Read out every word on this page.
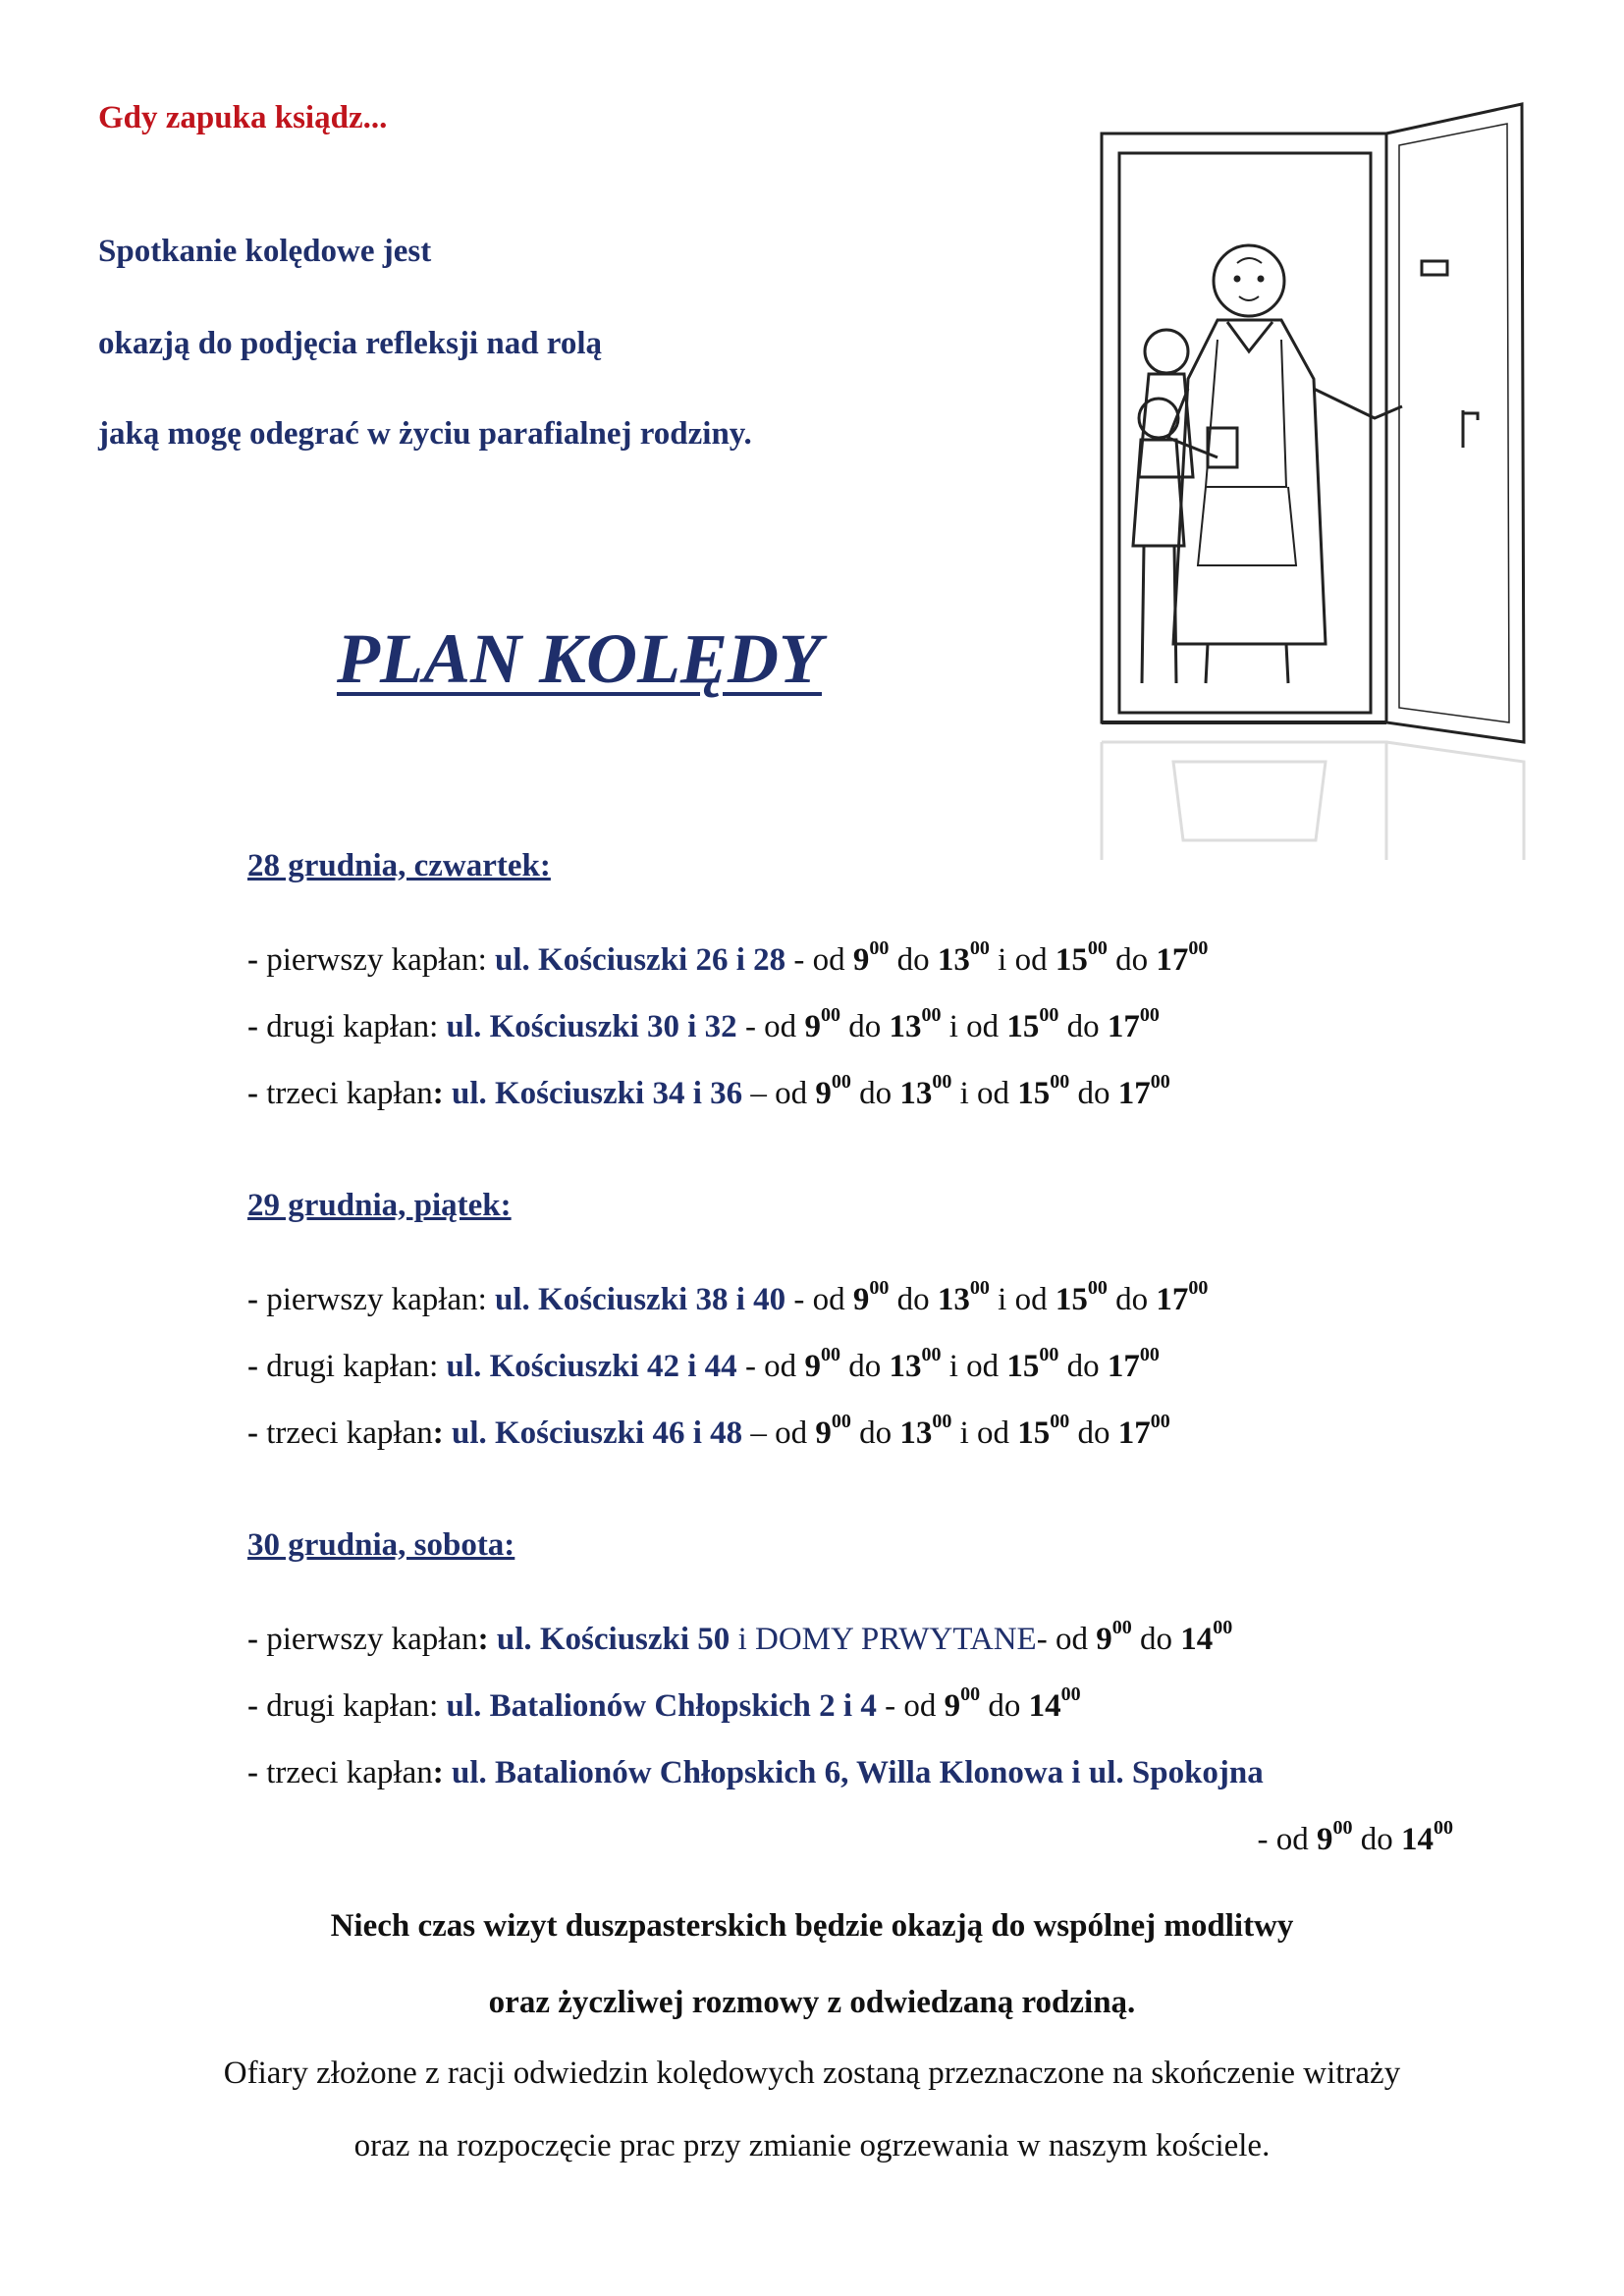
Gdy zapuka ksiądz...
Spotkanie kolędowe jest
okazją do podjęcia refleksji nad rolą
jaką mogę odegrać w życiu parafialnej rodziny.
PLAN KOLĘDY
28 grudnia, czwartek:
- pierwszy kapłan: ul. Kościuszki 26 i 28 - od $9^{00}$ do $13^{00}$ i od $15^{00}$ do $17^{00}$
- drugi kapłan: ul. Kościuszki 30 i 32 - od $9^{00}$ do $13^{00}$ i od $15^{00}$ do $17^{00}$
- trzeci kapłan: ul. Kościuszki 34 i 36 – od $9^{00}$ do $13^{00}$ i od $15^{00}$ do $17^{00}$
29 grudnia, piątek:
- pierwszy kapłan: ul. Kościuszki 38 i 40 - od $9^{00}$ do $13^{00}$ i od $15^{00}$ do $17^{00}$
- drugi kapłan: ul. Kościuszki 42 i 44 - od $9^{00}$ do $13^{00}$ i od $15^{00}$ do $17^{00}$
- trzeci kapłan: ul. Kościuszki 46 i 48 – od $9^{00}$ do $13^{00}$ i od $15^{00}$ do $17^{00}$
30 grudnia, sobota:
- pierwszy kapłan: ul. Kościuszki 50 i DOMY PRWYTANE- od $9^{00}$ do $14^{00}$
- drugi kapłan: ul. Batalionów Chłopskich 2 i 4 - od $9^{00}$ do $14^{00}$
- trzeci kapłan: ul. Batalionów Chłopskich 6, Willa Klonowa i ul. Spokojna
- od $9^{00}$ do $14^{00}$
Niech czas wizyt duszpasterskich będzie okazją do wspólnej modlitwy
oraz życzliwej rozmowy z odwiedzaną rodziną.
Ofiary złożone z racji odwiedzin kolędowych zostaną przeznaczone na skończenie witraży
oraz na rozpoczęcie prac przy zmianie ogrzewania w naszym kościele.
